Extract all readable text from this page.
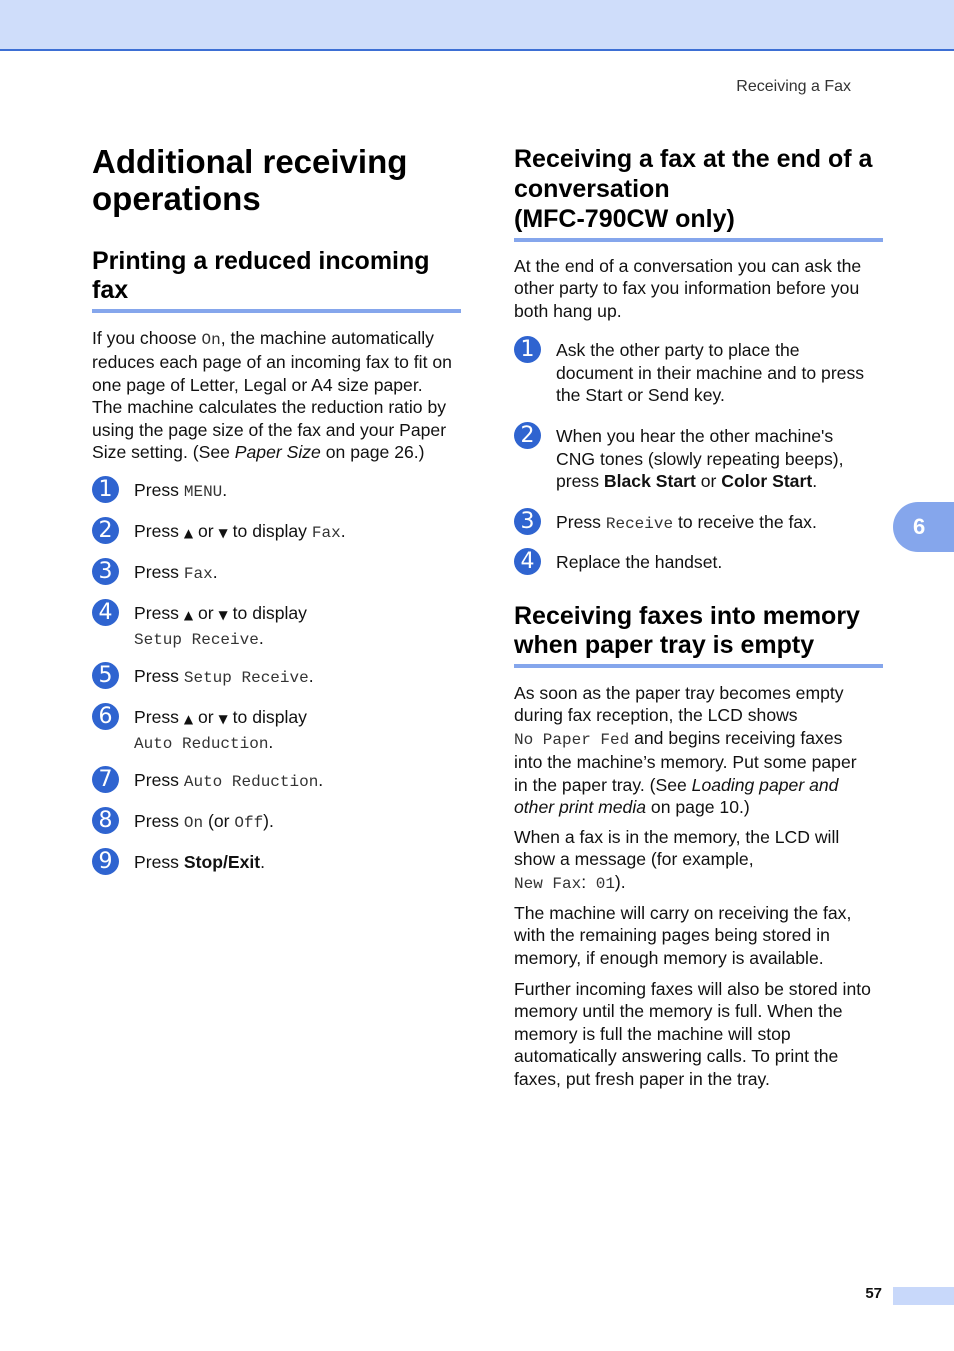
Receiving a Fax
Additional receiving
operations
Printing a reduced incoming
fax
If you choose On, the machine automatically
reduces each page of an incoming fax to fit on
one page of Letter, Legal or A4 size paper.
The machine calculates the reduction ratio by
using the page size of the fax and your Paper
Size setting. (See Paper Size on page 26.)
1	Press MENU.
2	Press ▲ or ▼ to display Fax.
3	Press Fax.
4	Press ▲ or ▼ to display
Setup Receive.
5	Press Setup Receive.
6	Press ▲ or ▼ to display
Auto Reduction.
7	Press Auto Reduction.
8	Press On (or Off).
9	Press Stop/Exit.
Receiving a fax at the end of a
conversation
(MFC-790CW only)
At the end of a conversation you can ask the
other party to fax you information before you
both hang up.
1	Ask the other party to place the
document in their machine and to press
the Start or Send key.
2	When you hear the other machine's
CNG tones (slowly repeating beeps),
press Black Start or Color Start.
3	Press Receive to receive the fax.
4	Replace the handset.
Receiving faxes into memory
when paper tray is empty
As soon as the paper tray becomes empty
during fax reception, the LCD shows
No Paper Fed and begins receiving faxes
into the machine’s memory. Put some paper
in the paper tray. (See Loading paper and
other print media on page 10.)
When a fax is in the memory, the LCD will
show a message (for example,
New Fax: 01).
The machine will carry on receiving the fax,
with the remaining pages being stored in
memory, if enough memory is available.
Further incoming faxes will also be stored into
memory until the memory is full. When the
memory is full the machine will stop
automatically answering calls. To print the
faxes, put fresh paper in the tray.
6
57
